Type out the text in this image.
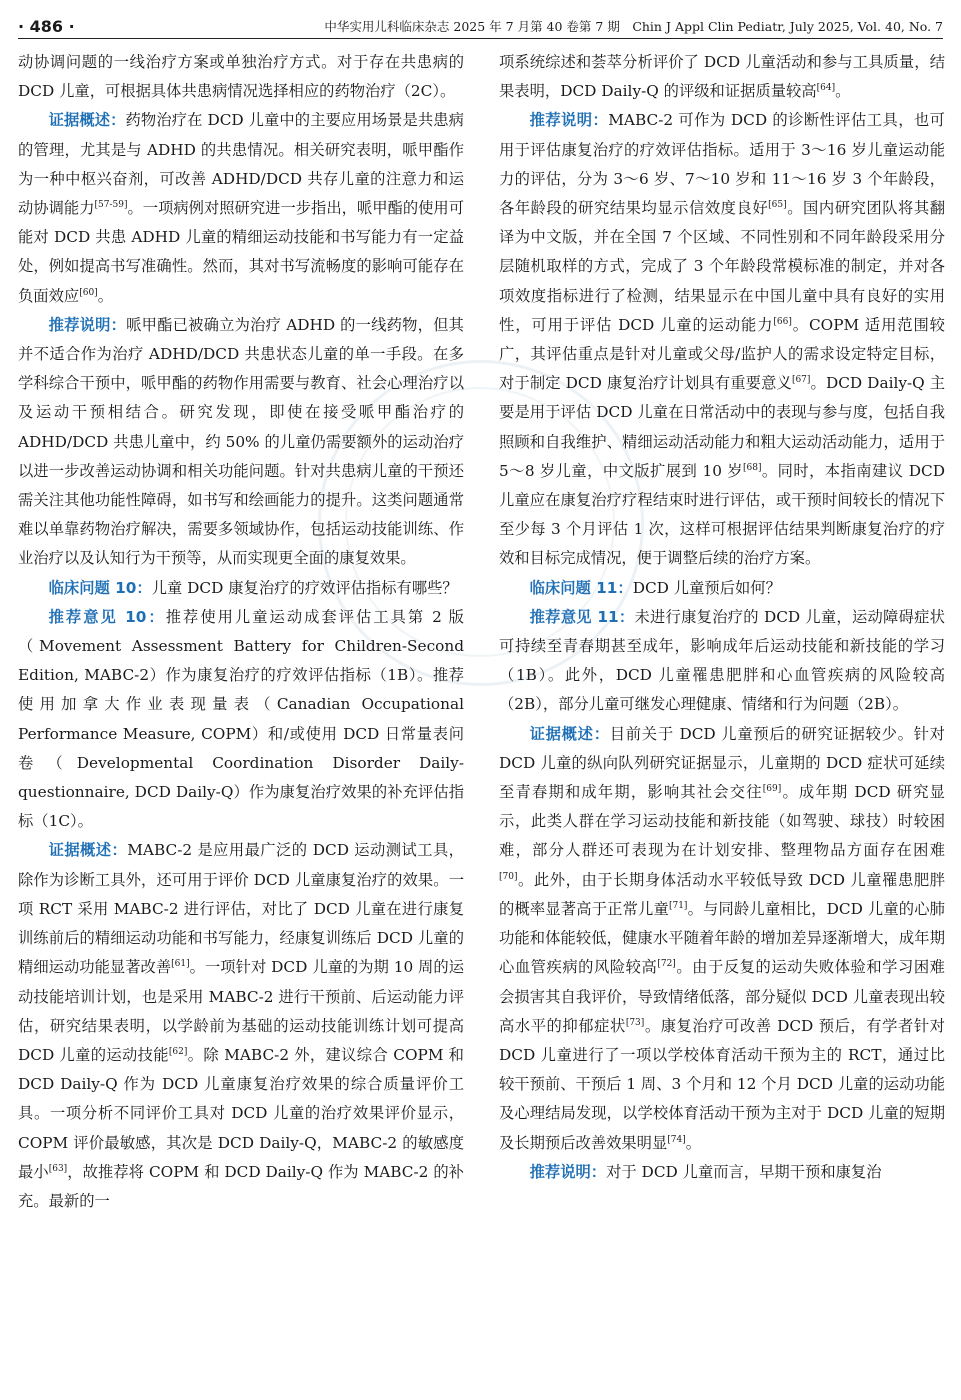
· 486 ·	中华实用儿科临床杂志 2025 年 7 月第 40 卷第 7 期　Chin J Appl Clin Pediatr, July 2025, Vol. 40, No. 7

动协调问题的一线治疗方案或单独治疗方式。对于存在共患病的 DCD 儿童，可根据具体共患病情况选择相应的药物治疗（2C）。

证据概述：药物治疗在 DCD 儿童中的主要应用场景是共患病的管理，尤其是与 ADHD 的共患情况。相关研究表明，哌甲酯作为一种中枢兴奋剂，可改善 ADHD/DCD 共存儿童的注意力和运动协调能力[57-59]。一项病例对照研究进一步指出，哌甲酯的使用可能对 DCD 共患 ADHD 儿童的精细运动技能和书写能力有一定益处，例如提高书写准确性。然而，其对书写流畅度的影响可能存在负面效应[60]。

推荐说明：哌甲酯已被确立为治疗 ADHD 的一线药物，但其并不适合作为治疗 ADHD/DCD 共患状态儿童的单一手段。在多学科综合干预中，哌甲酯的药物作用需要与教育、社会心理治疗以及运动干预相结合。研究发现，即使在接受哌甲酯治疗的 ADHD/DCD 共患儿童中，约 50% 的儿童仍需要额外的运动治疗以进一步改善运动协调和相关功能问题。针对共患病儿童的干预还需关注其他功能性障碍，如书写和绘画能力的提升。这类问题通常难以单靠药物治疗解决，需要多领域协作，包括运动技能训练、作业治疗以及认知行为干预等，从而实现更全面的康复效果。

临床问题 10：儿童 DCD 康复治疗的疗效评估指标有哪些？

推荐意见 10：推荐使用儿童运动成套评估工具第 2 版（Movement Assessment Battery for Children-Second Edition, MABC-2）作为康复治疗的疗效评估指标（1B）。推荐使用加拿大作业表现量表（Canadian Occupational Performance Measure, COPM）和/或使用 DCD 日常量表问卷（Developmental Coordination Disorder Daily-questionnaire, DCD Daily-Q）作为康复治疗效果的补充评估指标（1C）。

证据概述：MABC-2 是应用最广泛的 DCD 运动测试工具，除作为诊断工具外，还可用于评价 DCD 儿童康复治疗的效果。一项 RCT 采用 MABC-2 进行评估，对比了 DCD 儿童在进行康复训练前后的精细运动功能和书写能力，经康复训练后 DCD 儿童的精细运动功能显著改善[61]。一项针对 DCD 儿童的为期 10 周的运动技能培训计划，也是采用 MABC-2 进行干预前、后运动能力评估，研究结果表明，以学龄前为基础的运动技能训练计划可提高 DCD 儿童的运动技能[62]。除 MABC-2 外，建议综合 COPM 和 DCD Daily-Q 作为 DCD 儿童康复治疗效果的综合质量评价工具。一项分析不同评价工具对 DCD 儿童的治疗效果评价显示，COPM 评价最敏感，其次是 DCD Daily-Q，MABC-2 的敏感度最小[63]，故推荐将 COPM 和 DCD Daily-Q 作为 MABC-2 的补充。最新的一

项系统综述和荟萃分析评价了 DCD 儿童活动和参与工具质量，结果表明，DCD Daily-Q 的评级和证据质量较高[64]。

推荐说明：MABC-2 可作为 DCD 的诊断性评估工具，也可用于评估康复治疗的疗效评估指标。适用于 3～16 岁儿童运动能力的评估，分为 3～6 岁、7～10 岁和 11～16 岁 3 个年龄段，各年龄段的研究结果均显示信效度良好[65]。国内研究团队将其翻译为中文版，并在全国 7 个区域、不同性别和不同年龄段采用分层随机取样的方式，完成了 3 个年龄段常模标准的制定，并对各项效度指标进行了检测，结果显示在中国儿童中具有良好的实用性，可用于评估 DCD 儿童的运动能力[66]。COPM 适用范围较广，其评估重点是针对儿童或父母/监护人的需求设定特定目标，对于制定 DCD 康复治疗计划具有重要意义[67]。DCD Daily-Q 主要是用于评估 DCD 儿童在日常活动中的表现与参与度，包括自我照顾和自我维护、精细运动活动能力和粗大运动活动能力，适用于 5～8 岁儿童，中文版扩展到 10 岁[68]。同时，本指南建议 DCD 儿童应在康复治疗疗程结束时进行评估，或干预时间较长的情况下至少每 3 个月评估 1 次，这样可根据评估结果判断康复治疗的疗效和目标完成情况，便于调整后续的治疗方案。

临床问题 11：DCD 儿童预后如何？

推荐意见 11：未进行康复治疗的 DCD 儿童，运动障碍症状可持续至青春期甚至成年，影响成年后运动技能和新技能的学习（1B）。此外，DCD 儿童罹患肥胖和心血管疾病的风险较高（2B），部分儿童可继发心理健康、情绪和行为问题（2B）。

证据概述：目前关于 DCD 儿童预后的研究证据较少。针对 DCD 儿童的纵向队列研究证据显示，儿童期的 DCD 症状可延续至青春期和成年期，影响其社会交往[69]。成年期 DCD 研究显示，此类人群在学习运动技能和新技能（如驾驶、球技）时较困难，部分人群还可表现为在计划安排、整理物品方面存在困难[70]。此外，由于长期身体活动水平较低导致 DCD 儿童罹患肥胖的概率显著高于正常儿童[71]。与同龄儿童相比，DCD 儿童的心肺功能和体能较低，健康水平随着年龄的增加差异逐渐增大，成年期心血管疾病的风险较高[72]。由于反复的运动失败体验和学习困难会损害其自我评价，导致情绪低落，部分疑似 DCD 儿童表现出较高水平的抑郁症状[73]。康复治疗可改善 DCD 预后，有学者针对 DCD 儿童进行了一项以学校体育活动干预为主的 RCT，通过比较干预前、干预后 1 周、3 个月和 12 个月 DCD 儿童的运动功能及心理结局发现，以学校体育活动干预为主对于 DCD 儿童的短期及长期预后改善效果明显[74]。

推荐说明：对于 DCD 儿童而言，早期干预和康复治
